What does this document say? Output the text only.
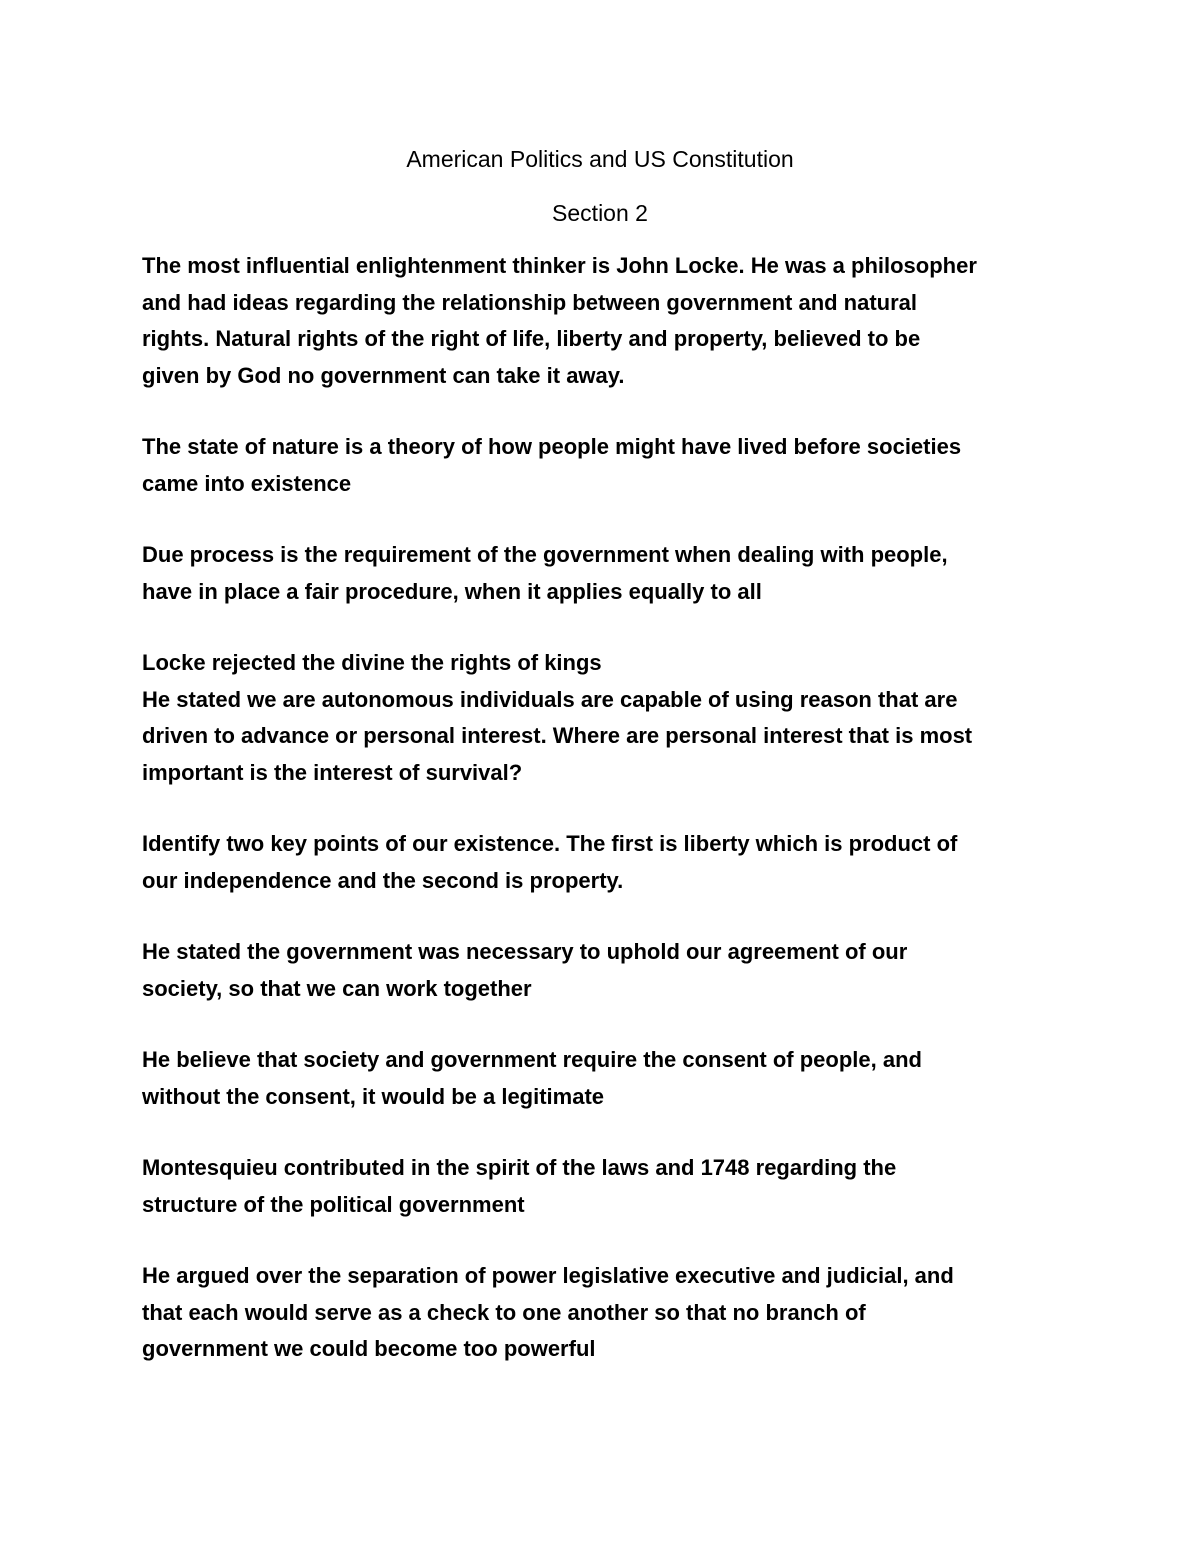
American Politics and US Constitution
Section 2

The most influential enlightenment thinker is John Locke. He was a philosopher
and had ideas regarding the relationship between government and natural
rights. Natural rights of the right of life, liberty and property, believed to be
given by God no government can take it away.

The state of nature is a theory of how people might have lived before societies
came into existence

Due process is the requirement of the government when dealing with people,
have in place a fair procedure, when it applies equally to all

Locke rejected the divine the rights of kings

He stated we are autonomous individuals are capable of using reason that are
driven to advance or personal interest. Where are personal interest that is most
important is the interest of survival?

Identify two key points of our existence. The first is liberty which is product of
our independence and the second is property.

He stated the government was necessary to uphold our agreement of our
society, so that we can work together

He believe that society and government require the consent of people, and
without the consent, it would be a legitimate

Montesquieu contributed in the spirit of the laws and 1748 regarding the
structure of the political government

He argued over the separation of power legislative executive and judicial, and
that each would serve as a check to one another so that no branch of
government we could become too powerful
